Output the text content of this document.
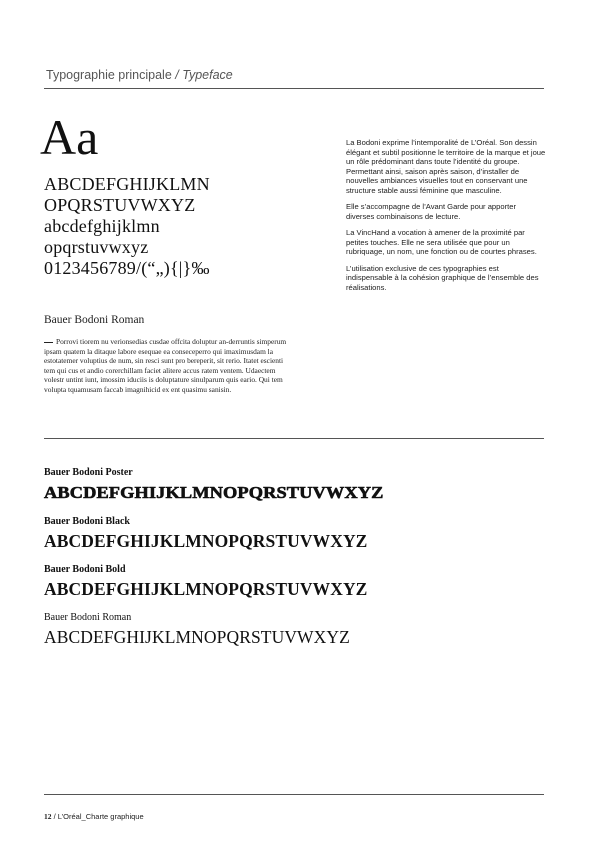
Typographie principale / Typeface
Aa
ABCDEFGHIJKLMN
OPQRSTUVWXYZ
abcdefghijklmn
opqrstuvwxyz
0123456789/(“„){|}‰
Bauer Bodoni Roman
Porrovi tiorem nu verionsedias cusdae offcita doluptur an-derruntis simperum ipsam quatem la ditaque labore esequae ea conseceperro qui imaximusdam la estotatemer voluptius de num, sin resci sunt pro bereperit, sit rerio. Itatet escienti tem qui cus et andio corerchillam faciet alitere accus ratem ventem. Udaectem volestr untint iunt, imossim iduciis is doluptature sinulparum quis eario. Qui tem volupta tquamusam faccab imagnihicid ex ent quasimu sanisin.

La Bodoni exprime l’intemporalité de L’Oréal. Son dessin élégant et subtil positionne le territoire de la marque et joue un rôle prédominant dans toute l’identité du groupe. Permettant ainsi, saison après saison, d’installer de nouvelles ambiances visuelles tout en conservant une structure stable aussi féminine que masculine.

Elle s’accompagne de l’Avant Garde pour apporter diverses combinaisons de lecture.

La VincHand a vocation à amener de la proximité par petites touches. Elle ne sera utilisée que pour un rubriquage, un nom, une fonction ou de courtes phrases.

L’utilisation exclusive de ces typographies est indispensable à la cohésion graphique de l’ensemble des réalisations.

Bauer Bodoni Poster
ABCDEFGHIJKLMNOPQRSTUVWXYZ
Bauer Bodoni Black
ABCDEFGHIJKLMNOPQRSTUVWXYZ
Bauer Bodoni Bold
ABCDEFGHIJKLMNOPQRSTUVWXYZ
Bauer Bodoni Roman
ABCDEFGHIJKLMNOPQRSTUVWXYZ
12 / L’Oréal_Charte graphique
